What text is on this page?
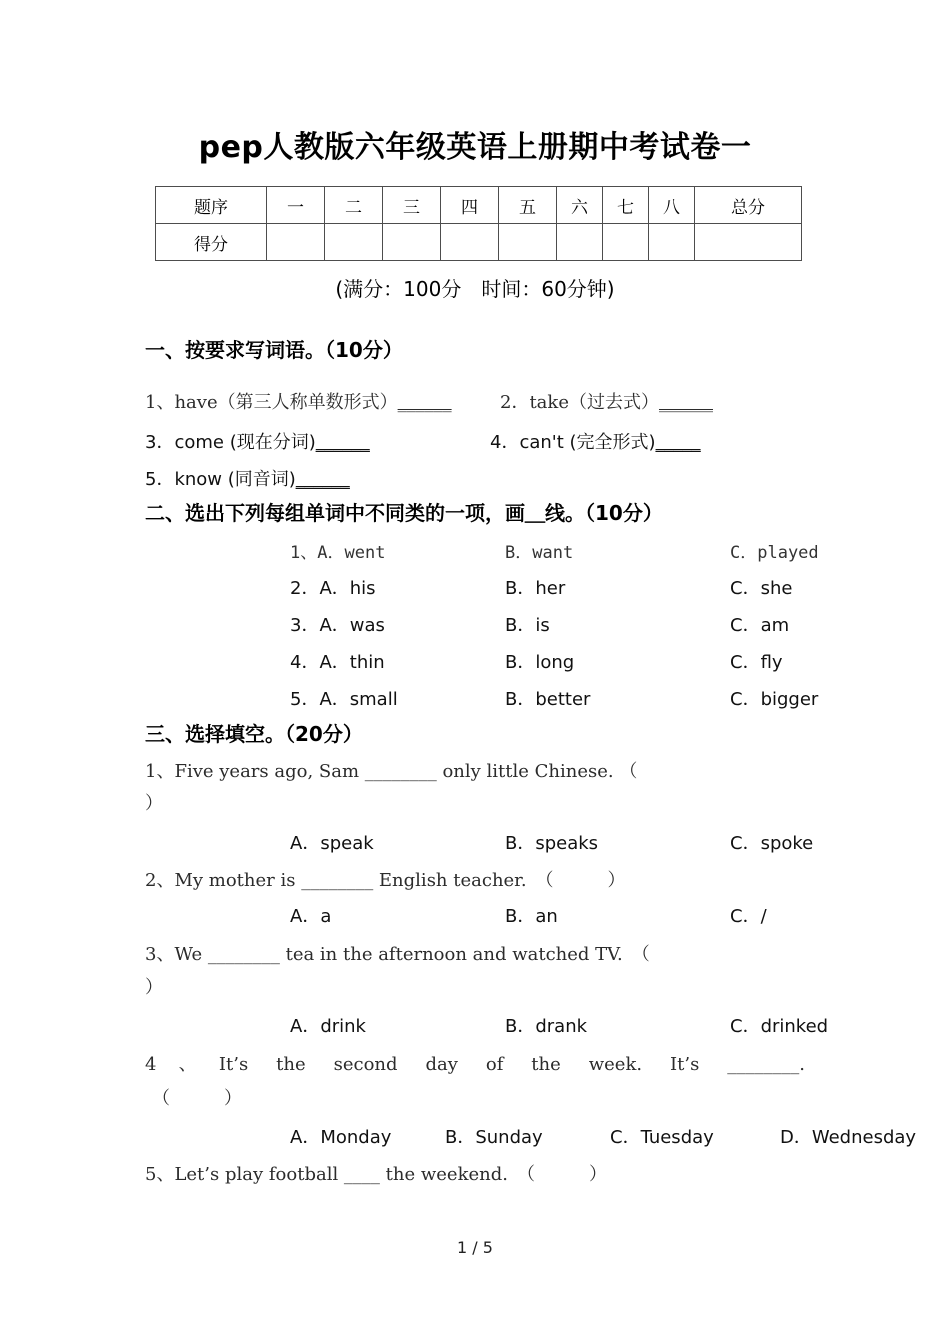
pep人教版六年级英语上册期中考试卷一
题序	一	二	三	四	五	六	七	八	总分
得分									
(满分：100分　时间：60分钟)
一、按要求写词语。（10分）
1、have（第三人称单数形式）______	2．take（过去式）______
3．come (现在分词)______	4．can't (完全形式)_____
5．know (同音词)______
二、选出下列每组单词中不同类的一项，画＿线。（10分）
1、A．went	B．want	C．played
2．A．his	B．her	C．she
3．A．was	B．is	C．am
4．A．thin	B．long	C．fly
5．A．small	B．better	C．bigger
三、选择填空。（20分）
1、Five years ago, Sam ________ only little Chinese. （
）
A．speak	B．speaks	C．spoke
2、My mother is ________ English teacher.　（　　　）
A．a	B．an	C．/
3、We ________ tea in the afternoon and watched TV.　（
）
A．drink	B．drank	C．drinked
4、It’s the second day of the week. It’s ________.
（　　　）
A．Monday	B．Sunday	C．Tuesday	D．Wednesday
5、Let’s play football ____ the weekend.　（　　　）
1 / 5
